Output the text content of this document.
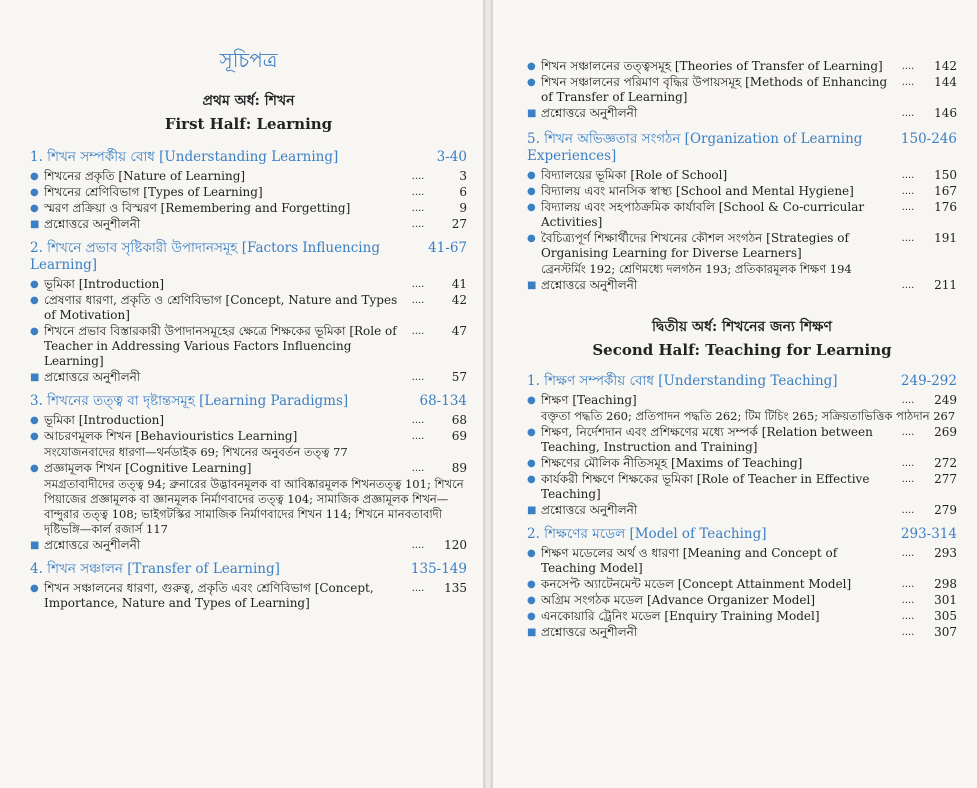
সূচিপত্র
প্রথম অর্ধ: শিখন
First Half: Learning
1. শিখন সম্পর্কীয় বোধ [Understanding Learning]	3-40
● শিখনের প্রকৃতি [Nature of Learning]	....	3
● শিখনের শ্রেণিবিভাগ [Types of Learning]	....	6
● স্মরণ প্রক্রিয়া ও বিস্মরণ [Remembering and Forgetting]	....	9
■ প্রশ্নোত্তরে অনুশীলনী	....	27
2. শিখনে প্রভাব সৃষ্টিকারী উপাদানসমূহ [Factors Influencing Learning]
41-67
● ভূমিকা [Introduction]	....	41
● প্রেষণার ধারণা, প্রকৃতি ও শ্রেণিবিভাগ [Concept, Nature and Types of Motivation]
....	42
● শিখনে প্রভাব বিস্তারকারী উপাদানসমূহের ক্ষেত্রে শিক্ষকের ভূমিকা [Role of Teacher in Addressing Various Factors Influencing Learning]
....	47
■ প্রশ্নোত্তরে অনুশীলনী	....	57
3. শিখনের তত্ত্ব বা দৃষ্টান্তসমূহ [Learning Paradigms]	68-134
● ভূমিকা [Introduction]	....	68
● আচরণমূলক শিখন [Behaviouristics Learning]	....	69
সংযোজনবাদের ধারণা—থর্নডাইক 69; শিখনের অনুবর্তন তত্ত্ব 77
● প্রজ্ঞামূলক শিখন [Cognitive Learning]	....	89
সমগ্রতাবাদীদের তত্ত্ব 94; ব্রুনারের উদ্ভাবনমূলক বা আবিষ্কারমূলক শিখনতত্ত্ব 101; শিখনে পিয়াজের প্রজ্ঞামূলক বা জ্ঞানমূলক নির্মাণবাদের তত্ত্ব 104; সামাজিক প্রজ্ঞামূলক শিখন—বান্দুরার তত্ত্ব 108; ভাইগটস্কির সামাজিক নির্মাণবাদের শিখন 114; শিখনে মানবতাবাদী দৃষ্টিভঙ্গি—কার্ল রজার্স 117
■ প্রশ্নোত্তরে অনুশীলনী	....	120
4. শিখন সঞ্চালন [Transfer of Learning]	135-149
● শিখন সঞ্চালনের ধারণা, গুরুত্ব, প্রকৃতি এবং শ্রেণিবিভাগ [Concept, Importance, Nature and Types of Learning]
....	135
● শিখন সঞ্চালনের তত্ত্বসমূহ [Theories of Transfer of Learning]	....	142
● শিখন সঞ্চালনের পরিমাণ বৃদ্ধির উপায়সমূহ [Methods of Enhancing of Transfer of Learning]
....	144
■ প্রশ্নোত্তরে অনুশীলনী	....	146
5. শিখন অভিজ্ঞতার সংগঠন [Organization of Learning Experiences]
150-246
● বিদ্যালয়ের ভূমিকা [Role of School]	....	150
● বিদ্যালয় এবং মানসিক স্বাস্থ্য [School and Mental Hygiene]	....	167
● বিদ্যালয় এবং সহপাঠক্রমিক কার্যাবলি [School & Co-curricular Activities]
....	176
● বৈচিত্র্যপূর্ণ শিক্ষার্থীদের শিখনের কৌশল সংগঠন [Strategies of Organising Learning for Diverse Learners]
....	191
ব্রেনস্টর্মিং 192; শ্রেণিমধ্যে দলগঠন 193; প্রতিকারমূলক শিক্ষণ 194
■ প্রশ্নোত্তরে অনুশীলনী	....	211
দ্বিতীয় অর্ধ: শিখনের জন্য শিক্ষণ
Second Half: Teaching for Learning
1. শিক্ষণ সম্পর্কীয় বোধ [Understanding Teaching]	249-292
● শিক্ষণ [Teaching]	....	249
বক্তৃতা পদ্ধতি 260; প্রতিপাদন পদ্ধতি 262; টিম টিচিং 265; সক্রিয়তাভিত্তিক পাঠদান 267
● শিক্ষণ, নির্দেশদান এবং প্রশিক্ষণের মধ্যে সম্পর্ক [Relation between Teaching, Instruction and Training]
....	269
● শিক্ষণের মৌলিক নীতিসমূহ [Maxims of Teaching]	....	272
● কার্যকরী শিক্ষণে শিক্ষকের ভূমিকা [Role of Teacher in Effective Teaching]
....	277
■ প্রশ্নোত্তরে অনুশীলনী	....	279
2. শিক্ষণের মডেল [Model of Teaching]	293-314
● শিক্ষণ মডেলের অর্থ ও ধারণা [Meaning and Concept of Teaching Model]
....	293
● কনসেপ্ট অ্যাটেনমেন্ট মডেল [Concept Attainment Model]	....	298
● অগ্রিম সংগঠক মডেল [Advance Organizer Model]	....	301
● এনকোয়ারি ট্রেনিং মডেল [Enquiry Training Model]	....	305
■ প্রশ্নোত্তরে অনুশীলনী	....	307
